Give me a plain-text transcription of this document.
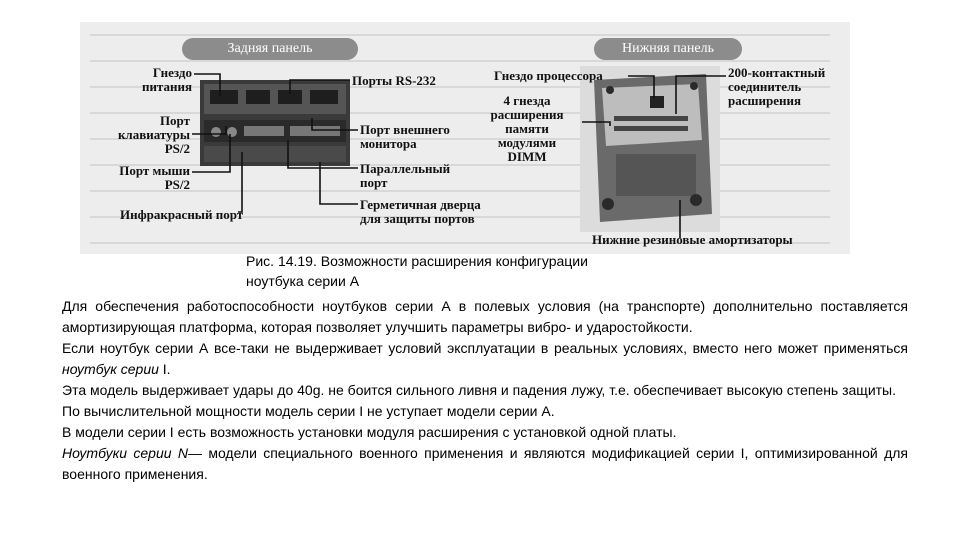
Задняя панель
Гнездо
питания
Порт
клавиатуры
PS/2
Порт мыши
PS/2
Инфракрасный порт
Порты RS-232
Порт внешнего
монитора
Параллельный
порт
Герметичная дверца
для защиты портов
Нижняя панель
Гнездо процессора
4 гнезда
расширения
памяти
модулями
DIMM
200-контактный
соединитель
расширения
Нижние резиновые амортизаторы
Рис. 14.19. Возможности расширения конфигурации
ноутбука серии А

Для обеспечения работоспособности ноутбуков серии А в полевых условия (на транспорте) дополнительно поставляется амортизирующая платформа, которая позволяет улучшить параметры вибро- и ударостойкости.

Если ноутбук серии А все-таки не выдерживает условий эксплуатации в реальных условиях, вместо него может применяться ноутбук серии I.

Эта модель выдерживает удары до 40g. не боится сильного ливня и падения лужу, т.е. обеспечивает высокую степень защиты.

По вычислительной мощности модель серии I не уступает модели серии А.

В модели серии I есть возможность установки модуля расширения с установкой одной платы.

Ноутбуки серии N— модели специального военного применения и являются модификацией серии I, оптимизированной для военного применения.
